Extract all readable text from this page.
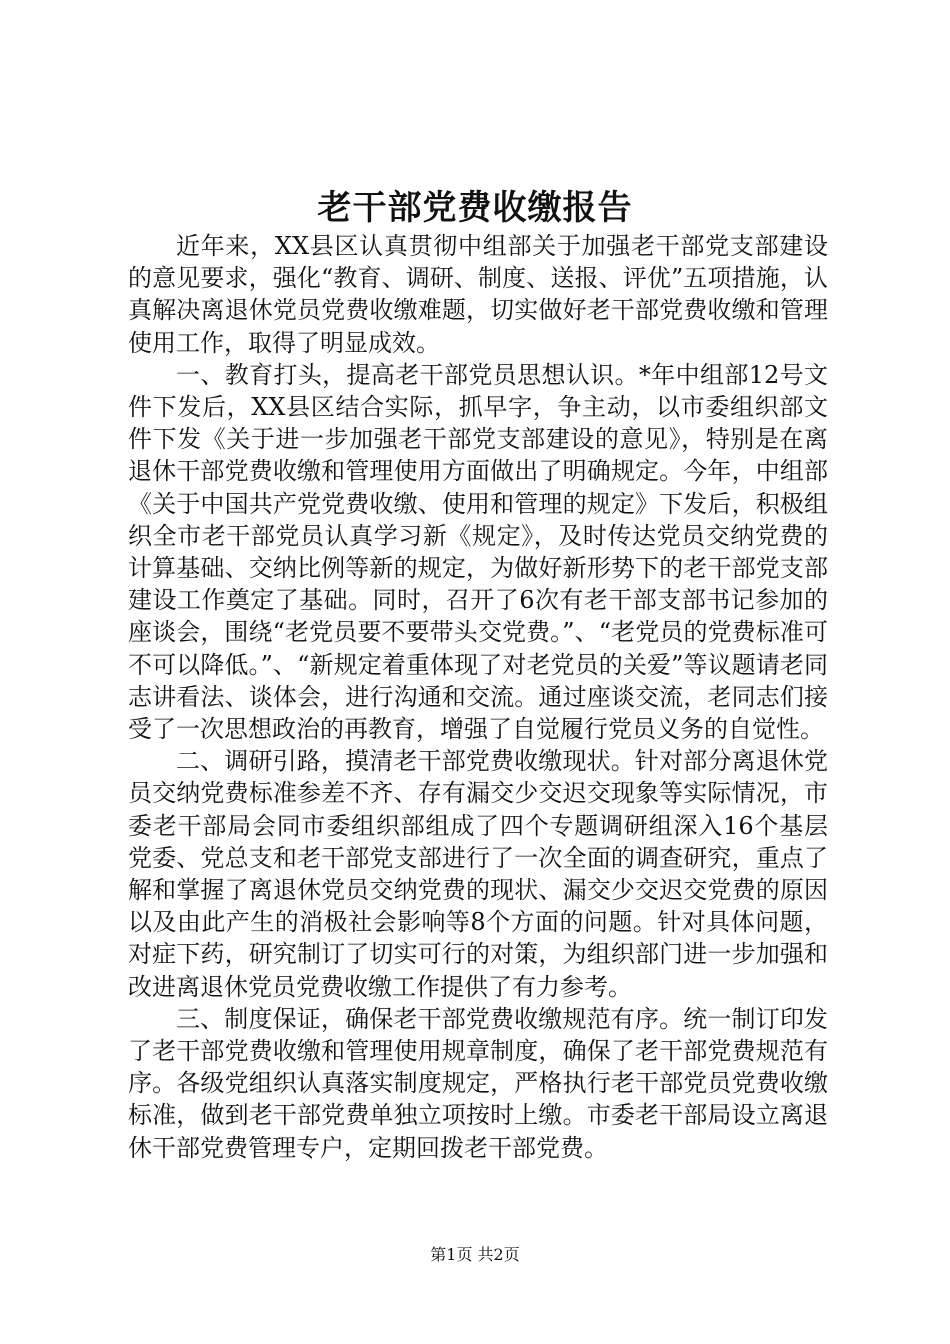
老干部党费收缴报告

近年来，XX县区认真贯彻中组部关于加强老干部党支部建设的意见要求，强化“教育、调研、制度、送报、评优”五项措施，认真解决离退休党员党费收缴难题，切实做好老干部党费收缴和管理使用工作，取得了明显成效。

一、教育打头，提高老干部党员思想认识。*年中组部12号文件下发后，XX县区结合实际，抓早字，争主动，以市委组织部文件下发《关于进一步加强老干部党支部建设的意见》，特别是在离退休干部党费收缴和管理使用方面做出了明确规定。今年，中组部《关于中国共产党党费收缴、使用和管理的规定》下发后，积极组织全市老干部党员认真学习新《规定》，及时传达党员交纳党费的计算基础、交纳比例等新的规定，为做好新形势下的老干部党支部建设工作奠定了基础。同时，召开了6次有老干部支部书记参加的座谈会，围绕“老党员要不要带头交党费。”、“老党员的党费标准可不可以降低。”、“新规定着重体现了对老党员的关爱”等议题请老同志讲看法、谈体会，进行沟通和交流。通过座谈交流，老同志们接受了一次思想政治的再教育，增强了自觉履行党员义务的自觉性。

二、调研引路，摸清老干部党费收缴现状。针对部分离退休党员交纳党费标准参差不齐、存有漏交少交迟交现象等实际情况，市委老干部局会同市委组织部组成了四个专题调研组深入16个基层党委、党总支和老干部党支部进行了一次全面的调查研究，重点了解和掌握了离退休党员交纳党费的现状、漏交少交迟交党费的原因以及由此产生的消极社会影响等8个方面的问题。针对具体问题，对症下药，研究制订了切实可行的对策，为组织部门进一步加强和改进离退休党员党费收缴工作提供了有力参考。

三、制度保证，确保老干部党费收缴规范有序。统一制订印发了老干部党费收缴和管理使用规章制度，确保了老干部党费规范有序。各级党组织认真落实制度规定，严格执行老干部党员党费收缴标准，做到老干部党费单独立项按时上缴。市委老干部局设立离退休干部党费管理专户，定期回拨老干部党费。

第1页 共2页
